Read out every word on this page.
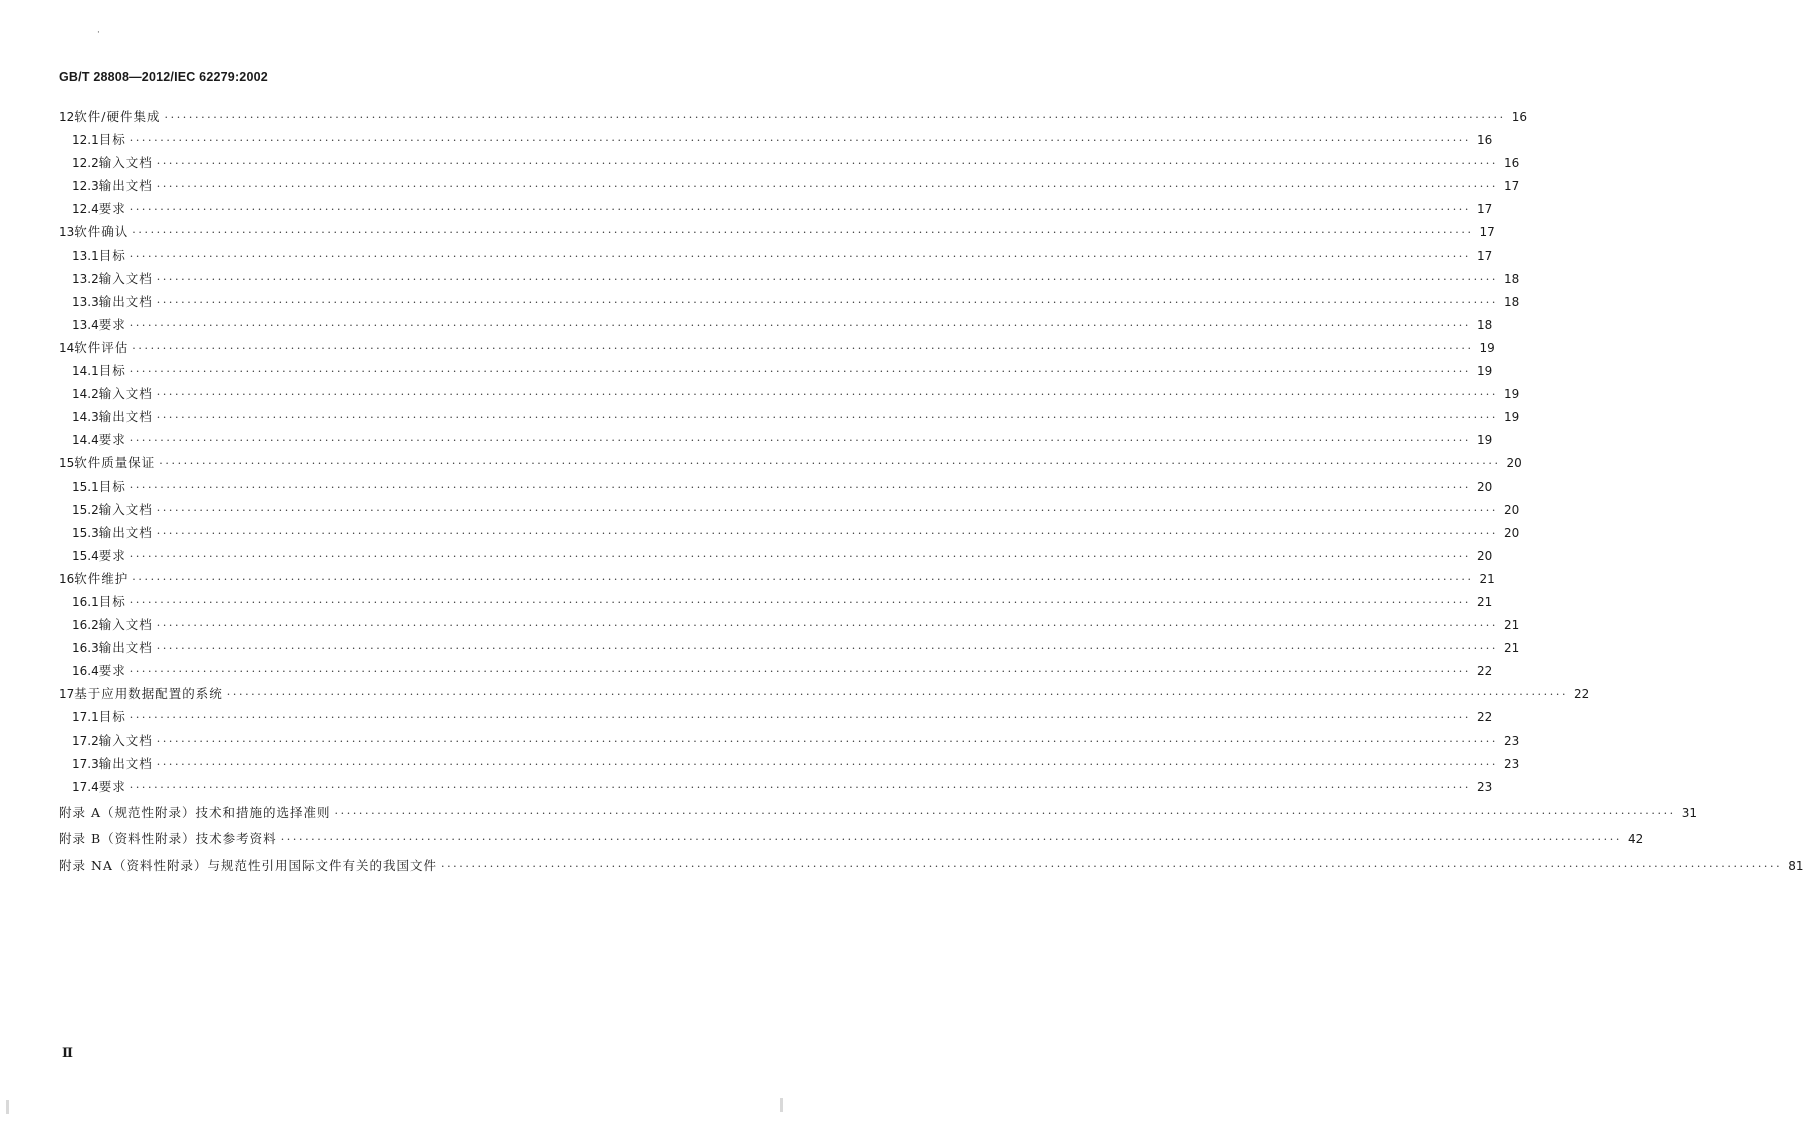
·
GB/T 28808—2012/IEC 62279:2002
12 软件/硬件集成 ···························································································································································································································· 16
12.1 目标 ···························································································································································································································· 16
12.2 输入文档 ···························································································································································································································· 16
12.3 输出文档 ···························································································································································································································· 17
12.4 要求 ···························································································································································································································· 17
13 软件确认 ···························································································································································································································· 17
13.1 目标 ···························································································································································································································· 17
13.2 输入文档 ···························································································································································································································· 18
13.3 输出文档 ···························································································································································································································· 18
13.4 要求 ···························································································································································································································· 18
14 软件评估 ···························································································································································································································· 19
14.1 目标 ···························································································································································································································· 19
14.2 输入文档 ···························································································································································································································· 19
14.3 输出文档 ···························································································································································································································· 19
14.4 要求 ···························································································································································································································· 19
15 软件质量保证 ···························································································································································································································· 20
15.1 目标 ···························································································································································································································· 20
15.2 输入文档 ···························································································································································································································· 20
15.3 输出文档 ···························································································································································································································· 20
15.4 要求 ···························································································································································································································· 20
16 软件维护 ···························································································································································································································· 21
16.1 目标 ···························································································································································································································· 21
16.2 输入文档 ···························································································································································································································· 21
16.3 输出文档 ···························································································································································································································· 21
16.4 要求 ···························································································································································································································· 22
17 基于应用数据配置的系统 ···························································································································································································································· 22
17.1 目标 ···························································································································································································································· 22
17.2 输入文档 ···························································································································································································································· 23
17.3 输出文档 ···························································································································································································································· 23
17.4 要求 ···························································································································································································································· 23
附录 A（规范性附录） 技术和措施的选择准则 ···························································································································································································································· 31
附录 B（资料性附录） 技术参考资料 ···························································································································································································································· 42
附录 NA（资料性附录） 与规范性引用国际文件有关的我国文件 ···························································································································································································································· 81
Ⅱ
